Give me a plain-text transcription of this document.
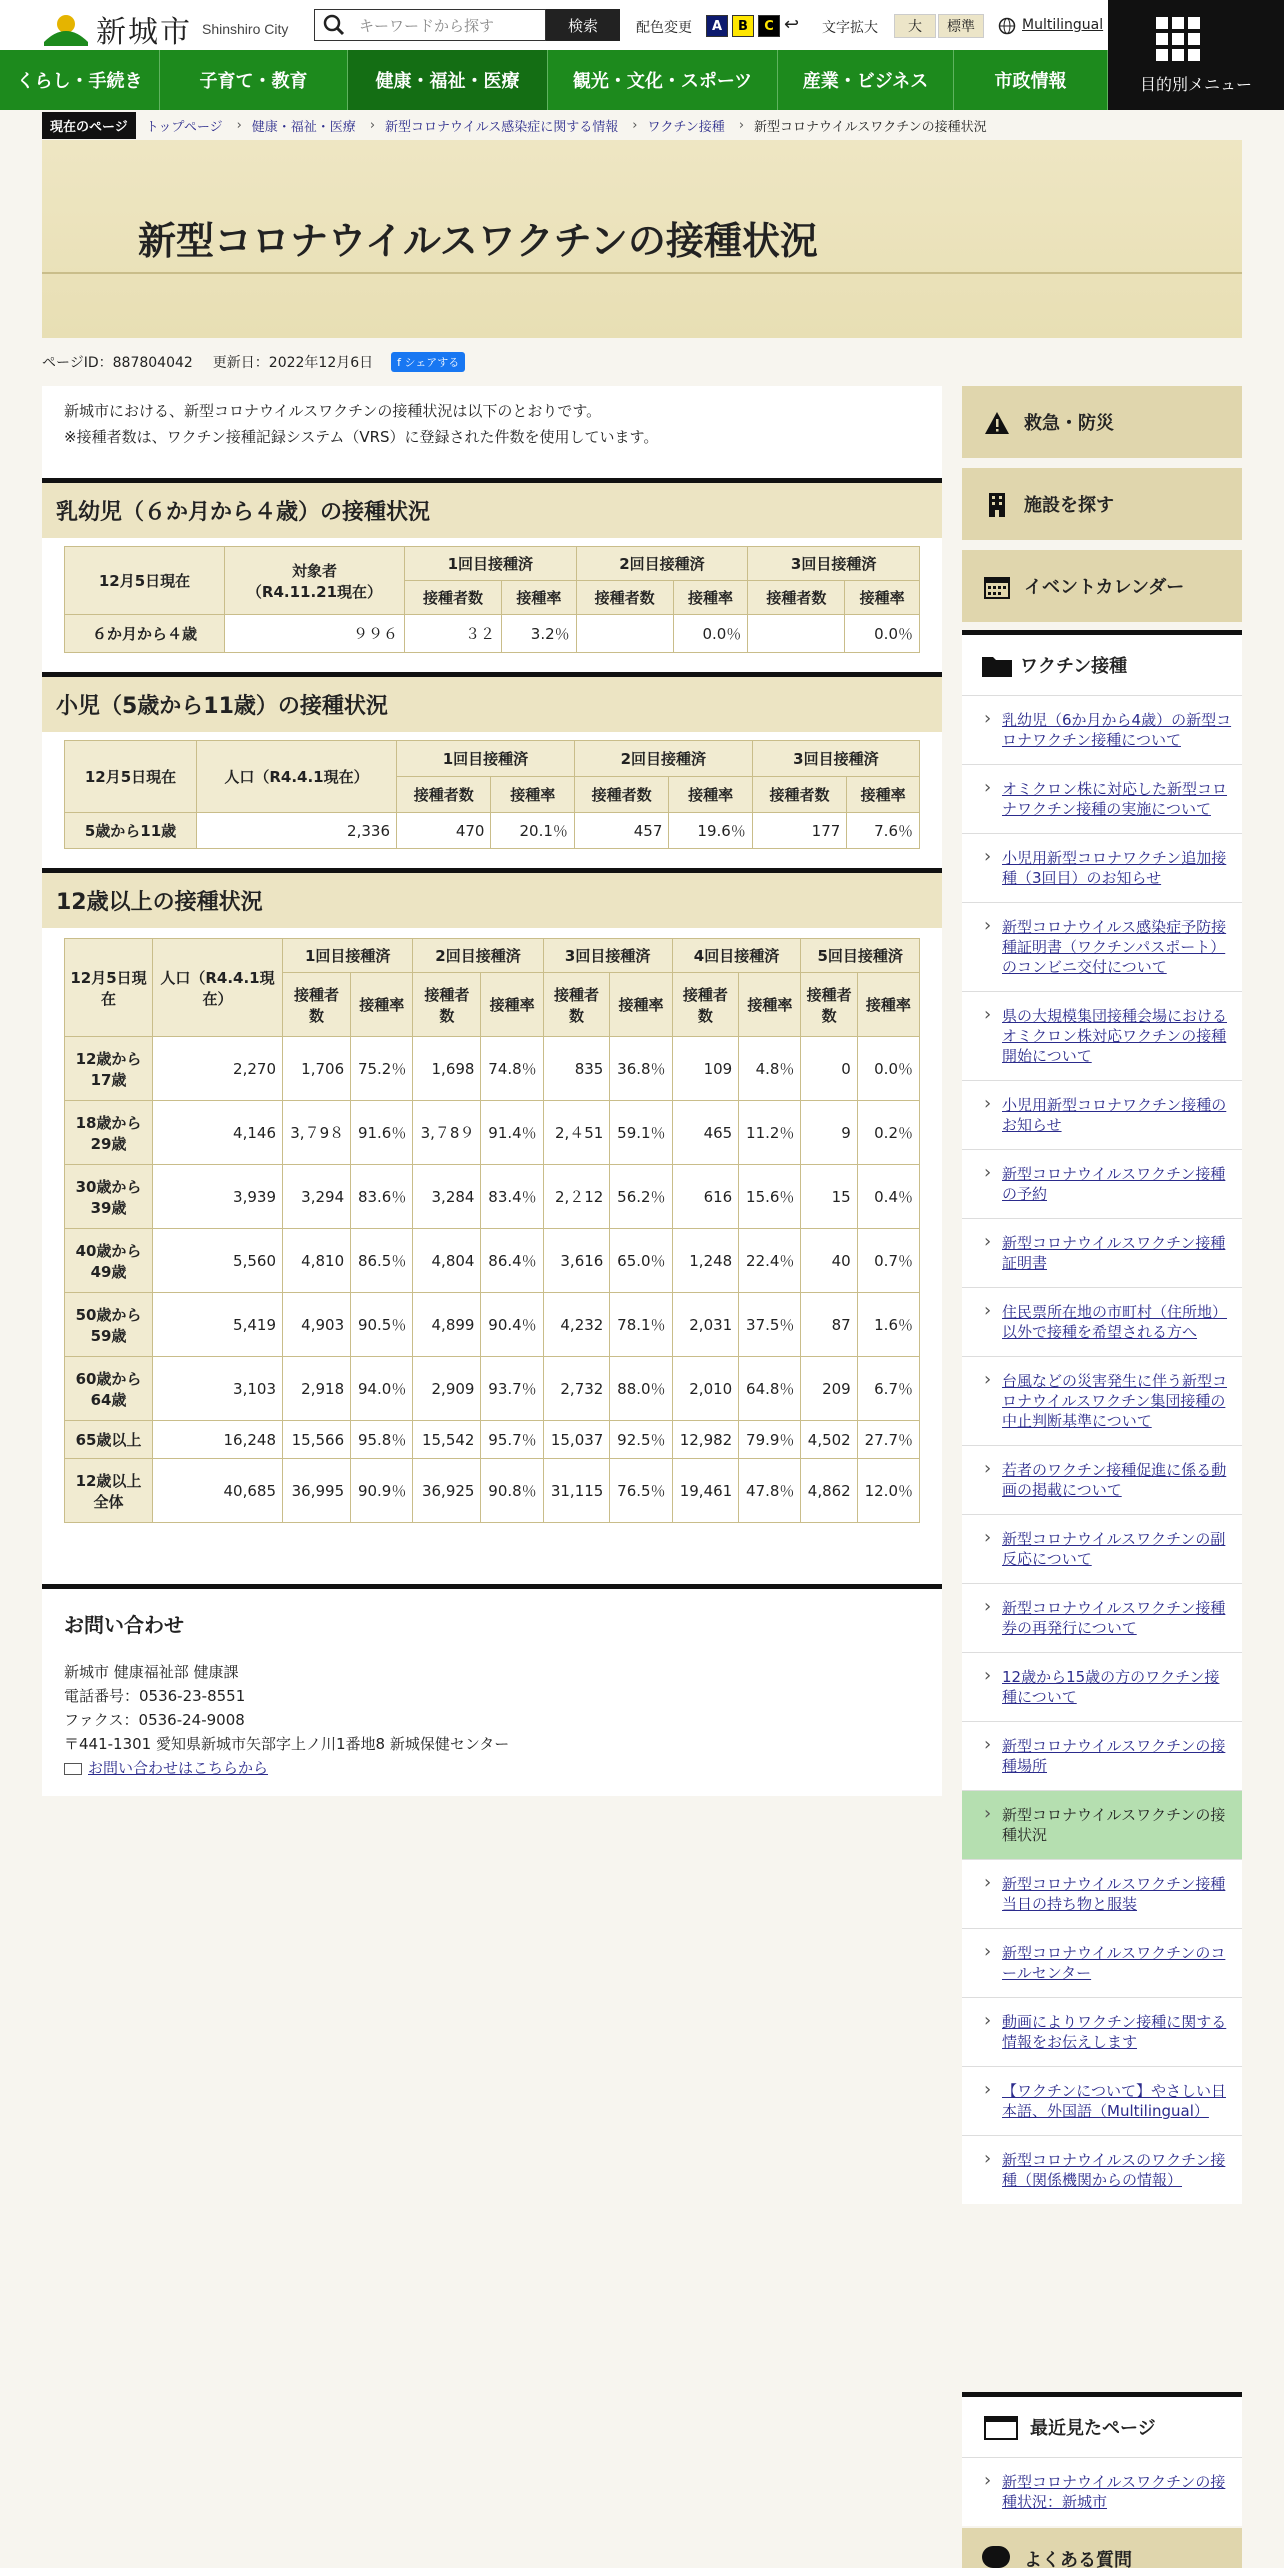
新城市 Shinshiro City	キーワードから探す	検索	配色変更	A	B	C ↩ 文字拡大	大	標準	Multilingual
目的別メニュー
くらし・手続き	子育て・教育	健康・福祉・医療	観光・文化・スポーツ	産業・ビジネス	市政情報
現在のページ	トップページ › 健康・福祉・医療 › 新型コロナウイルス感染症に関する情報 › ワクチン接種 › 新型コロナウイルスワクチンの接種状況
新型コロナウイルスワクチンの接種状況
ページID：887804042 更新日：2022年12月6日	f シェアする
新城市における、新型コロナウイルスワクチンの接種状況は以下のとおりです。
※接種者数は、ワクチン接種記録システム（VRS）に登録された件数を使用しています。
乳幼児（６か月から４歳）の接種状況
12月5日現在	対象者
（R4.11.21現在）	1回目接種済		2回目接種済		3回目接種済	
		接種者数	接種率	接種者数	接種率	接種者数	接種率
６か月から４歳	９９６	３２	3.2％		0.0％		0.0％
小児（5歳から11歳）の接種状況
12月5日現在	人口（R4.4.1現在）	1回目接種済		2回目接種済		3回目接種済	
		接種者数	接種率	接種者数	接種率	接種者数	接種率
5歳から11歳	2,336	470	20.1％	457	19.6％	177	7.6％
12歳以上の接種状況
12月5日現
在	人口（R4.4.1現
在）	1回目接種済		2回目接種済		3回目接種済		4回目接種済		5回目接種済	
		接種者
数	接種率	接種者
数	接種率	接種者
数	接種率	接種者
数	接種率	接種者
数	接種率
12歳から
17歳	2,270	1,706	75.2％	1,698	74.8％	835	36.8％	109	4.8％	0	0.0％
18歳から
29歳	4,146	3,７9８	91.6％	3,７8９	91.4％	2,４51	59.1％	465	11.2％	9	0.2％
30歳から
39歳	3,939	3,294	83.6％	3,284	83.4％	2,２12	56.2％	616	15.6％	15	0.4％
40歳から
49歳	5,560	4,810	86.5％	4,804	86.4％	3,616	65.0％	1,248	22.4％	40	0.7％
50歳から
59歳	5,419	4,903	90.5％	4,899	90.4％	4,232	78.1％	2,031	37.5％	87	1.6％
60歳から
64歳	3,103	2,918	94.0％	2,909	93.7％	2,732	88.0％	2,010	64.8％	209	6.7％
65歳以上	16,248	15,566	95.8％	15,542	95.7％	15,037	92.5％	12,982	79.9％	4,502	27.7％
12歳以上
全体	40,685	36,995	90.9％	36,925	90.8％	31,115	76.5％	19,461	47.8％	4,862	12.0％
お問い合わせ

新城市 健康福祉部 健康課

電話番号：0536-23-8551

ファクス：0536-24-9008

〒441-1301 愛知県新城市矢部字上ノ川1番地8 新城保健センター

お問い合わせはこちらから

救急・防災
施設を探す
イベントカレンダー
ワクチン接種
› 乳幼児（6か月から4歳）の新型コロナワクチン接種について
› オミクロン株に対応した新型コロナワクチン接種の実施について
› 小児用新型コロナワクチン追加接種（3回目）のお知らせ
› 新型コロナウイルス感染症予防接種証明書（ワクチンパスポート）のコンビニ交付について
› 県の大規模集団接種会場におけるオミクロン株対応ワクチンの接種開始について
› 小児用新型コロナワクチン接種のお知らせ
› 新型コロナウイルスワクチン接種の予約
› 新型コロナウイルスワクチン接種証明書
› 住民票所在地の市町村（住所地）以外で接種を希望される方へ
› 台風などの災害発生に伴う新型コロナウイルスワクチン集団接種の中止判断基準について
› 若者のワクチン接種促進に係る動画の掲載について
› 新型コロナウイルスワクチンの副反応について
› 新型コロナウイルスワクチン接種券の再発行について
› 12歳から15歳の方のワクチン接種について
› 新型コロナウイルスワクチンの接種場所
› 新型コロナウイルスワクチンの接種状況
› 新型コロナウイルスワクチン接種当日の持ち物と服装
› 新型コロナウイルスワクチンのコールセンター
› 動画によりワクチン接種に関する情報をお伝えします
› 【ワクチンについて】やさしい日本語、外国語（Multilingual）
› 新型コロナウイルスのワクチン接種（関係機関からの情報）
最近見たページ
› 新型コロナウイルスワクチンの接種状況：新城市
よくある質問
